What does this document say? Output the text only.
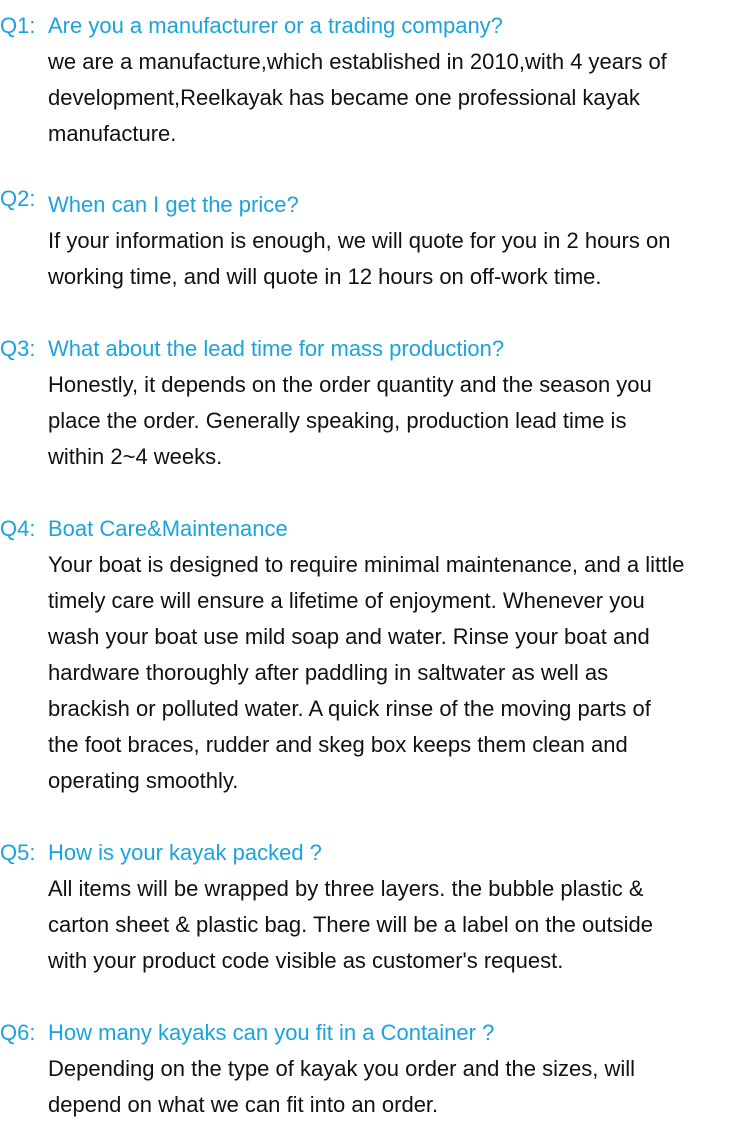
Q1: Are you a manufacturer or a trading company?
we are a manufacture,which established in 2010,with 4 years of
development,Reelkayak has became one professional kayak
manufacture.
Q2: When can I get the price?
If your information is enough, we will quote for you in 2 hours on
working time, and will quote in 12 hours on off-work time.
Q3: What about the lead time for mass production?
Honestly, it depends on the order quantity and the season you
place the order. Generally speaking, production lead time is
within 2~4 weeks.
Q4: Boat Care&Maintenance
Your boat is designed to require minimal maintenance, and a little
timely care will ensure a lifetime of enjoyment. Whenever you
wash your boat use mild soap and water. Rinse your boat and
hardware thoroughly after paddling in saltwater as well as
brackish or polluted water. A quick rinse of the moving parts of
the foot braces, rudder and skeg box keeps them clean and
operating smoothly.
Q5: How is your kayak packed ?
All items will be wrapped by three layers. the bubble plastic &
carton sheet & plastic bag. There will be a label on the outside
with your product code visible as customer's request.
Q6: How many kayaks can you fit in a Container ?
Depending on the type of kayak you order and the sizes, will
depend on what we can fit into an order.
